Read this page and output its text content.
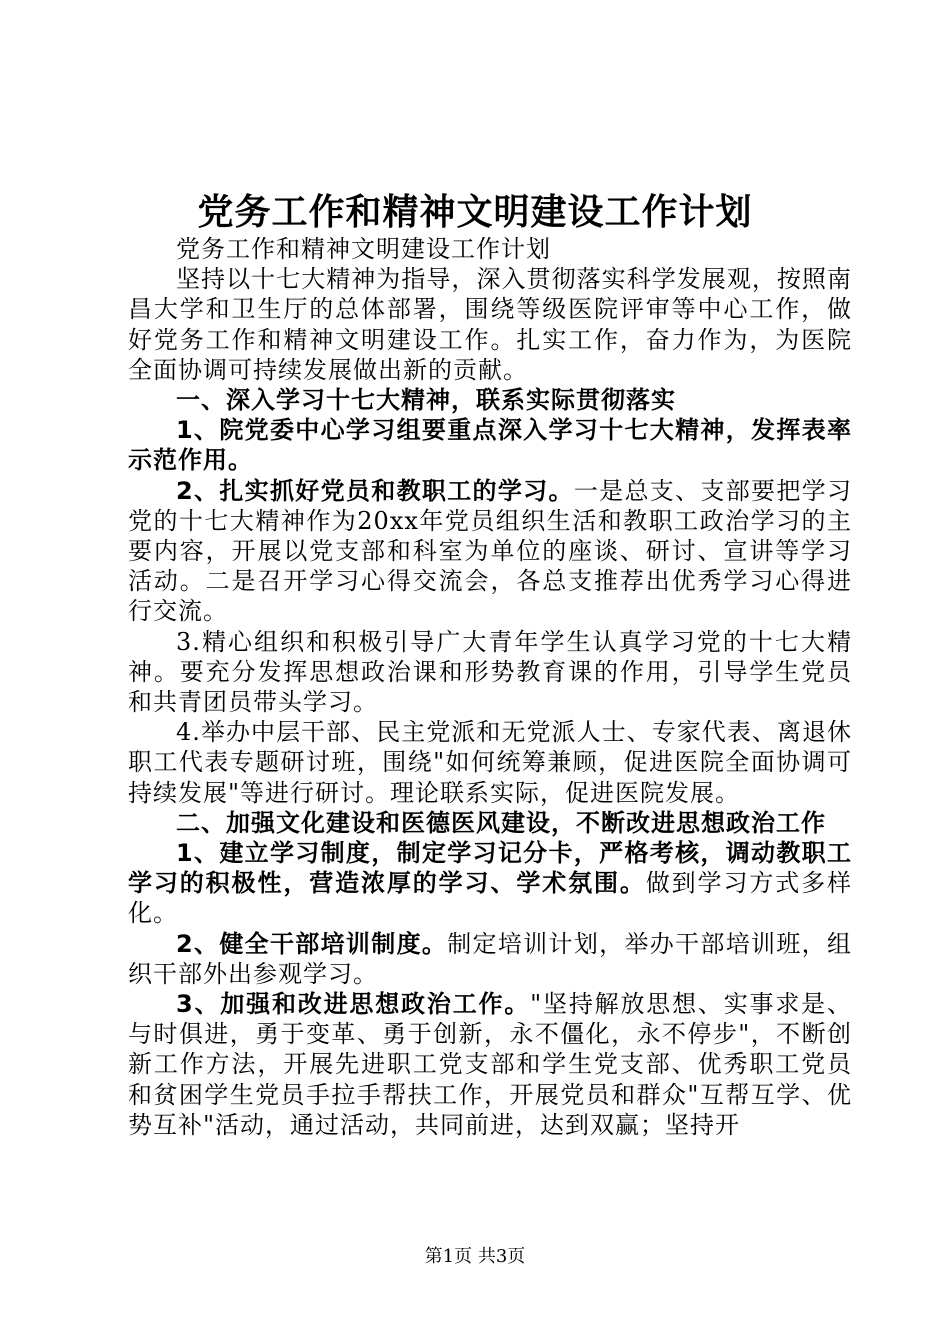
党务工作和精神文明建设工作计划

党务工作和精神文明建设工作计划

坚持以十七大精神为指导，深入贯彻落实科学发展观，按照南昌大学和卫生厅的总体部署，围绕等级医院评审等中心工作，做好党务工作和精神文明建设工作。扎实工作，奋力作为，为医院全面协调可持续发展做出新的贡献。

一、深入学习十七大精神，联系实际贯彻落实

1、院党委中心学习组要重点深入学习十七大精神，发挥表率示范作用。

2、扎实抓好党员和教职工的学习。一是总支、支部要把学习党的十七大精神作为20xx年党员组织生活和教职工政治学习的主要内容，开展以党支部和科室为单位的座谈、研讨、宣讲等学习活动。二是召开学习心得交流会，各总支推荐出优秀学习心得进行交流。

3.精心组织和积极引导广大青年学生认真学习党的十七大精神。要充分发挥思想政治课和形势教育课的作用，引导学生党员和共青团员带头学习。

4.举办中层干部、民主党派和无党派人士、专家代表、离退休职工代表专题研讨班，围绕"如何统筹兼顾，促进医院全面协调可持续发展"等进行研讨。理论联系实际，促进医院发展。

二、加强文化建设和医德医风建设，不断改进思想政治工作

1、建立学习制度，制定学习记分卡，严格考核，调动教职工学习的积极性，营造浓厚的学习、学术氛围。做到学习方式多样化。

2、健全干部培训制度。制定培训计划，举办干部培训班，组织干部外出参观学习。

3、加强和改进思想政治工作。"坚持解放思想、实事求是、与时俱进，勇于变革、勇于创新，永不僵化，永不停步"，不断创新工作方法，开展先进职工党支部和学生党支部、优秀职工党员和贫困学生党员手拉手帮扶工作，开展党员和群众"互帮互学、优势互补"活动，通过活动，共同前进，达到双赢；坚持开

第1页 共3页
